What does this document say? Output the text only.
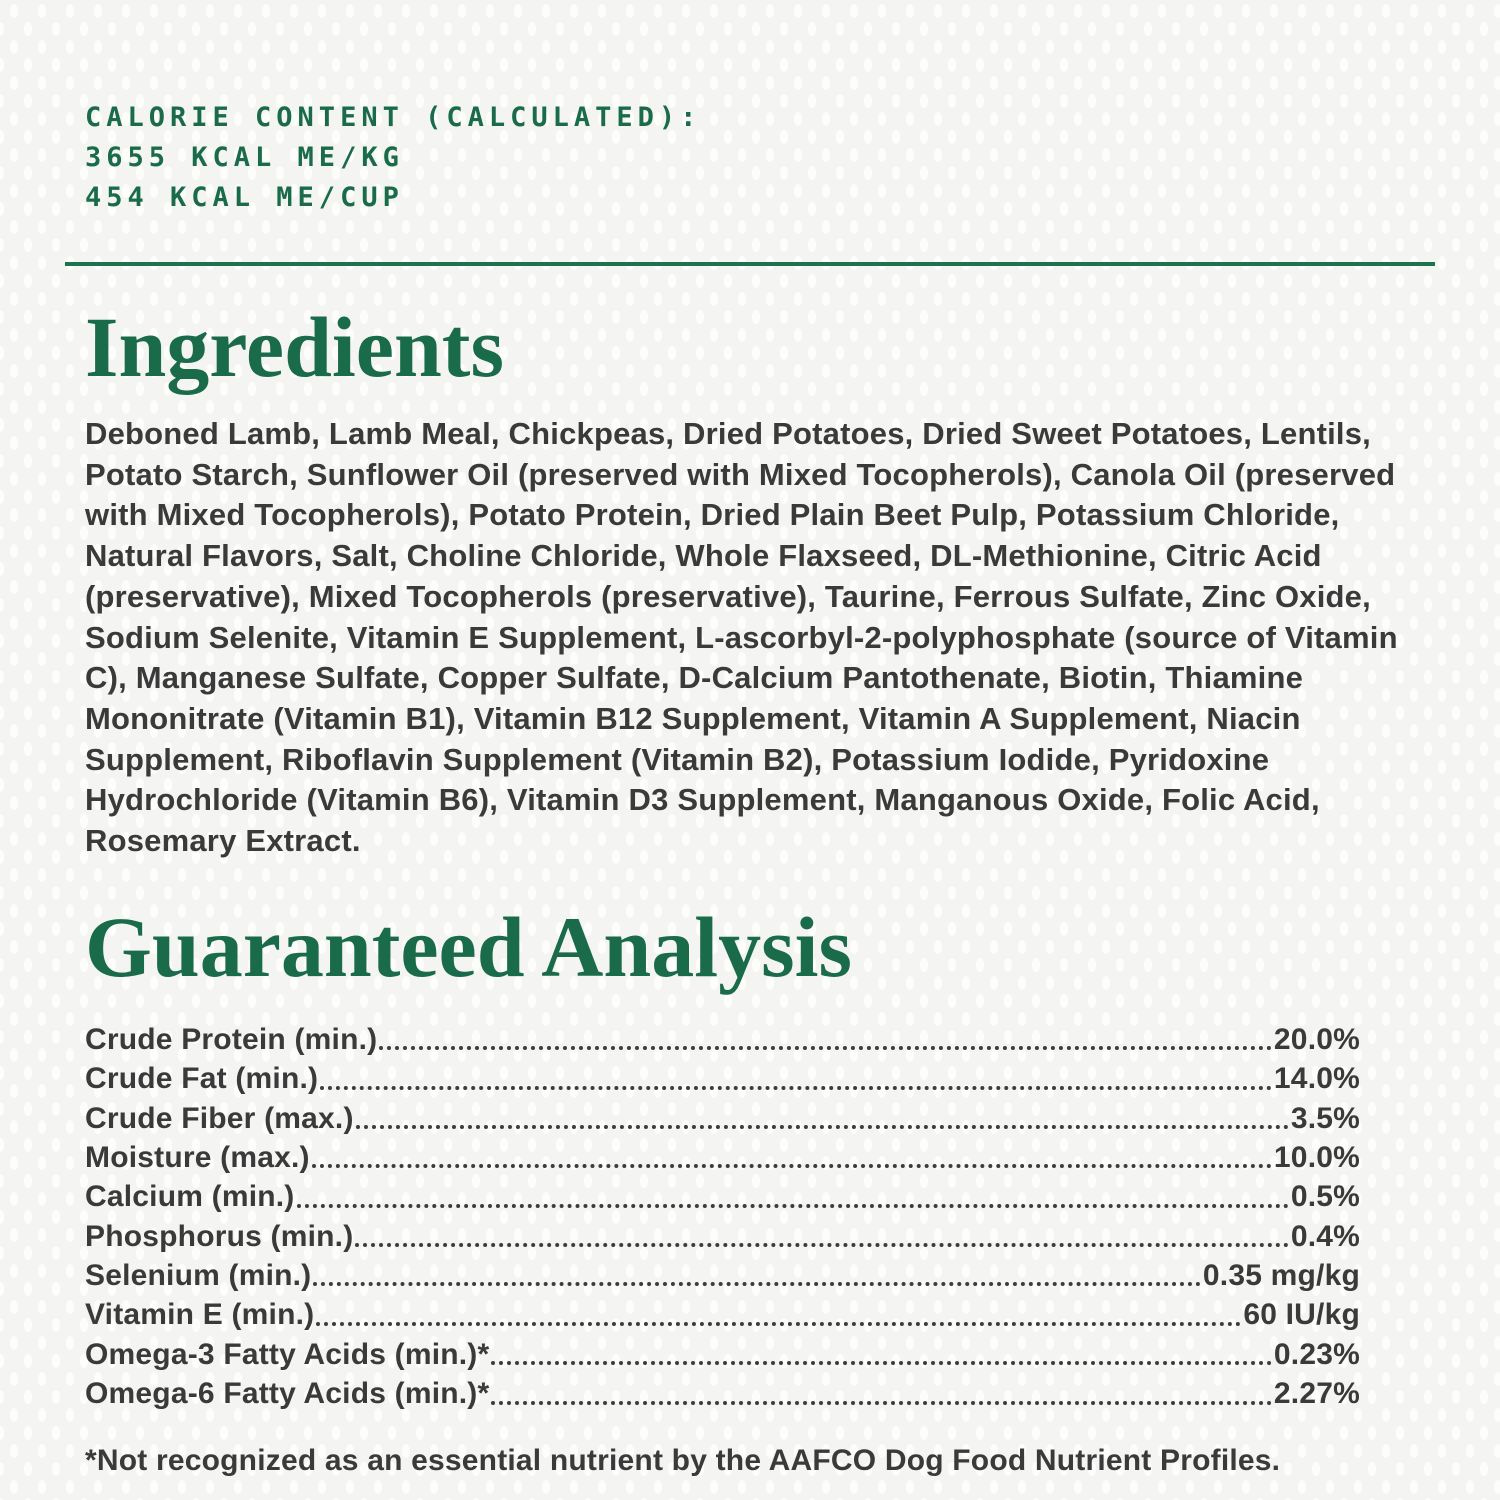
CALORIE CONTENT (CALCULATED):
3655 KCAL ME/KG
454 KCAL ME/CUP
Ingredients

Deboned Lamb, Lamb Meal, Chickpeas, Dried Potatoes, Dried Sweet Potatoes, Lentils, Potato Starch, Sunflower Oil (preserved with Mixed Tocopherols), Canola Oil (preserved with Mixed Tocopherols), Potato Protein, Dried Plain Beet Pulp, Potassium Chloride, Natural Flavors, Salt, Choline Chloride, Whole Flaxseed, DL-Methionine, Citric Acid (preservative), Mixed Tocopherols (preservative), Taurine, Ferrous Sulfate, Zinc Oxide, Sodium Selenite, Vitamin E Supplement, L-ascorbyl-2-polyphosphate (source of Vitamin C), Manganese Sulfate, Copper Sulfate, D-Calcium Pantothenate, Biotin, Thiamine Mononitrate (Vitamin B1), Vitamin B12 Supplement, Vitamin A Supplement, Niacin Supplement, Riboflavin Supplement (Vitamin B2), Potassium Iodide, Pyridoxine Hydrochloride (Vitamin B6), Vitamin D3 Supplement, Manganous Oxide, Folic Acid, Rosemary Extract.

Guaranteed Analysis
Crude Protein (min.)	20.0%
Crude Fat (min.)	14.0%
Crude Fiber (max.)	3.5%
Moisture (max.)	10.0%
Calcium (min.)	0.5%
Phosphorus (min.)	0.4%
Selenium (min.)	0.35 mg/kg
Vitamin E (min.)	60 IU/kg
Omega-3 Fatty Acids (min.)*	0.23%
Omega-6 Fatty Acids (min.)*	2.27%

*Not recognized as an essential nutrient by the AAFCO Dog Food Nutrient Profiles.
